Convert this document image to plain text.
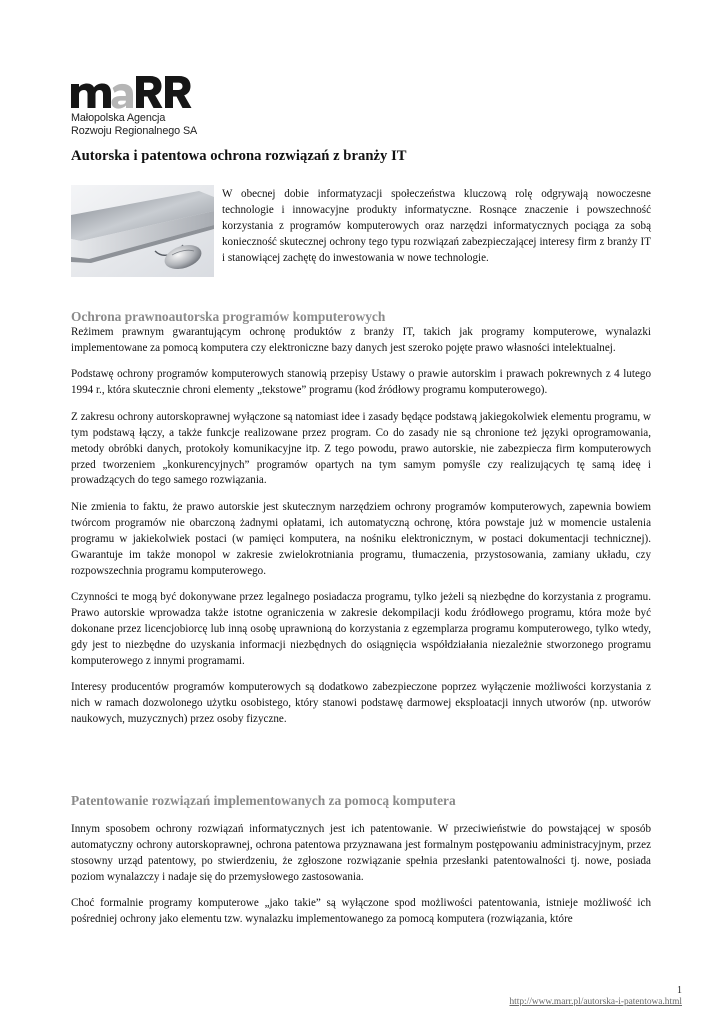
Małopolska Agencja
Rozwoju Regionalnego SA
Autorska i patentowa ochrona rozwiązań z branży IT

W obecnej dobie informatyzacji społeczeństwa kluczową rolę odgrywają nowoczesne technologie i innowacyjne produkty informatyczne. Rosnące znaczenie i powszechność korzystania z programów komputerowych oraz narzędzi informatycznych pociąga za sobą konieczność skutecznej ochrony tego typu rozwiązań zabezpieczającej interesy firm z branży IT i stanowiącej zachętę do inwestowania w nowe technologie.

Ochrona prawnoautorska programów komputerowych

Reżimem prawnym gwarantującym ochronę produktów z branży IT, takich jak programy komputerowe, wynalazki implementowane za pomocą komputera czy elektroniczne bazy danych jest szeroko pojęte prawo własności intelektualnej.

Podstawę ochrony programów komputerowych stanowią przepisy Ustawy o prawie autorskim i prawach pokrewnych z 4 lutego 1994 r., która skutecznie chroni elementy „tekstowe” programu (kod źródłowy programu komputerowego).

Z zakresu ochrony autorskoprawnej wyłączone są natomiast idee i zasady będące podstawą jakiegokolwiek elementu programu, w tym podstawą łączy, a także funkcje realizowane przez program. Co do zasady nie są chronione też języki oprogramowania, metody obróbki danych, protokoły komunikacyjne itp. Z tego powodu, prawo autorskie, nie zabezpiecza firm komputerowych przed tworzeniem „konkurencyjnych” programów opartych na tym samym pomyśle czy realizujących tę samą ideę i prowadzących do tego samego rozwiązania.

Nie zmienia to faktu, że prawo autorskie jest skutecznym narzędziem ochrony programów komputerowych, zapewnia bowiem twórcom programów nie obarczoną żadnymi opłatami, ich automatyczną ochronę, która powstaje już w momencie ustalenia programu w jakiekolwiek postaci (w pamięci komputera, na nośniku elektronicznym, w postaci dokumentacji technicznej). Gwarantuje im także monopol w zakresie zwielokrotniania programu, tłumaczenia, przystosowania, zamiany układu, czy rozpowszechnia programu komputerowego.

Czynności te mogą być dokonywane przez legalnego posiadacza programu, tylko jeżeli są niezbędne do korzystania z programu. Prawo autorskie wprowadza także istotne ograniczenia w zakresie dekompilacji kodu źródłowego programu, która może być dokonane przez licencjobiorcę lub inną osobę uprawnioną do korzystania z egzemplarza programu komputerowego, tylko wtedy, gdy jest to niezbędne do uzyskania informacji niezbędnych do osiągnięcia współdziałania niezależnie stworzonego programu komputerowego z innymi programami.

Interesy producentów programów komputerowych są dodatkowo zabezpieczone poprzez wyłączenie możliwości korzystania z nich w ramach dozwolonego użytku osobistego, który stanowi podstawę darmowej eksploatacji innych utworów (np. utworów naukowych, muzycznych) przez osoby fizyczne.

Patentowanie rozwiązań implementowanych za pomocą komputera

Innym sposobem ochrony rozwiązań informatycznych jest ich patentowanie. W przeciwieństwie do powstającej w sposób automatyczny ochrony autorskoprawnej, ochrona patentowa przyznawana jest formalnym postępowaniu administracyjnym, przez stosowny urząd patentowy, po stwierdzeniu, że zgłoszone rozwiązanie spełnia przesłanki patentowalności tj. nowe, posiada poziom wynalazczy i nadaje się do przemysłowego zastosowania.

Choć formalnie programy komputerowe „jako takie” są wyłączone spod możliwości patentowania, istnieje możliwość ich pośredniej ochrony jako elementu tzw. wynalazku implementowanego za pomocą komputera (rozwiązania, które

1
http://www.marr.pl/autorska-i-patentowa.html
